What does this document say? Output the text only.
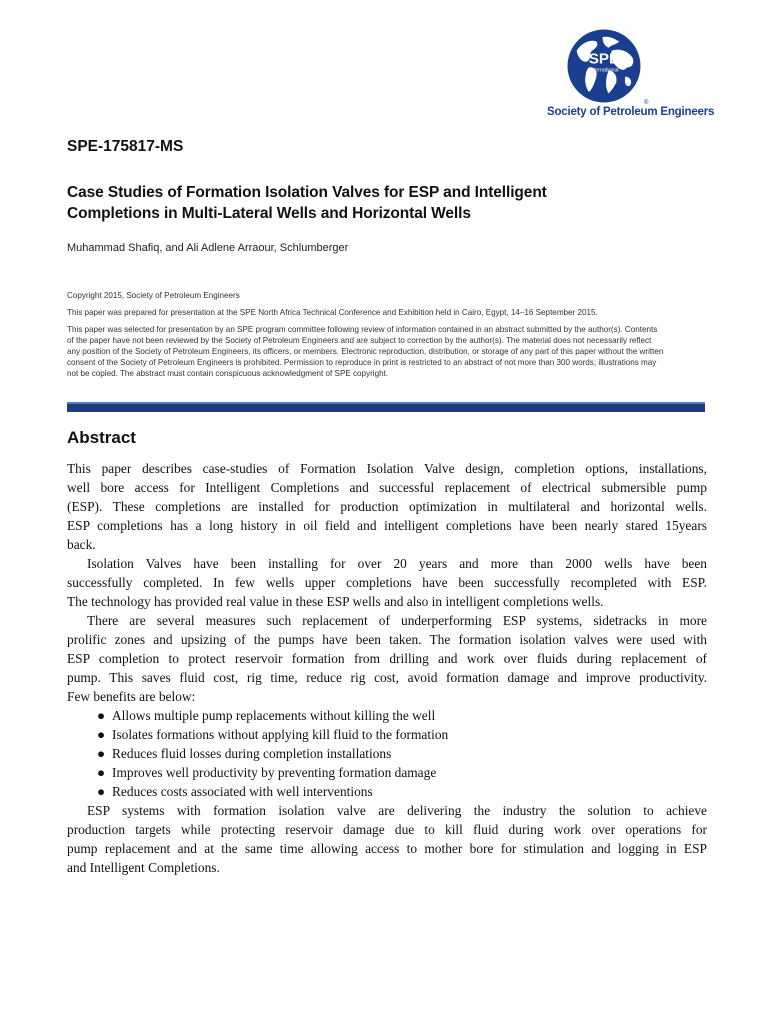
SPE
International
®
Society of Petroleum Engineers
SPE-175817-MS
Case Studies of Formation Isolation Valves for ESP and Intelligent
Completions in Multi-Lateral Wells and Horizontal Wells
Muhammad Shafiq, and Ali Adlene Arraour, Schlumberger

Copyright 2015, Society of Petroleum Engineers

This paper was prepared for presentation at the SPE North Africa Technical Conference and Exhibition held in Cairo, Egypt, 14–16 September 2015.

This paper was selected for presentation by an SPE program committee following review of information contained in an abstract submitted by the author(s). Contents
of the paper have not been reviewed by the Society of Petroleum Engineers and are subject to correction by the author(s). The material does not necessarily reflect
any position of the Society of Petroleum Engineers, its officers, or members. Electronic reproduction, distribution, or storage of any part of this paper without the written
consent of the Society of Petroleum Engineers is prohibited. Permission to reproduce in print is restricted to an abstract of not more than 300 words; illustrations may
not be copied. The abstract must contain conspicuous acknowledgment of SPE copyright.

Abstract
This paper describes case-studies of Formation Isolation Valve design, completion options, installations,
well bore access for Intelligent Completions and successful replacement of electrical submersible pump
(ESP). These completions are installed for production optimization in multilateral and horizontal wells.
ESP completions has a long history in oil field and intelligent completions have been nearly stared 15years
back.
Isolation Valves have been installing for over 20 years and more than 2000 wells have been
successfully completed. In few wells upper completions have been successfully recompleted with ESP.
The technology has provided real value in these ESP wells and also in intelligent completions wells.
There are several measures such replacement of underperforming ESP systems, sidetracks in more
prolific zones and upsizing of the pumps have been taken. The formation isolation valves were used with
ESP completion to protect reservoir formation from drilling and work over fluids during replacement of
pump. This saves fluid cost, rig time, reduce rig cost, avoid formation damage and improve productivity.
Few benefits are below:
● Allows multiple pump replacements without killing the well
● Isolates formations without applying kill fluid to the formation
● Reduces fluid losses during completion installations
● Improves well productivity by preventing formation damage
● Reduces costs associated with well interventions
ESP systems with formation isolation valve are delivering the industry the solution to achieve
production targets while protecting reservoir damage due to kill fluid during work over operations for
pump replacement and at the same time allowing access to mother bore for stimulation and logging in ESP
and Intelligent Completions.
